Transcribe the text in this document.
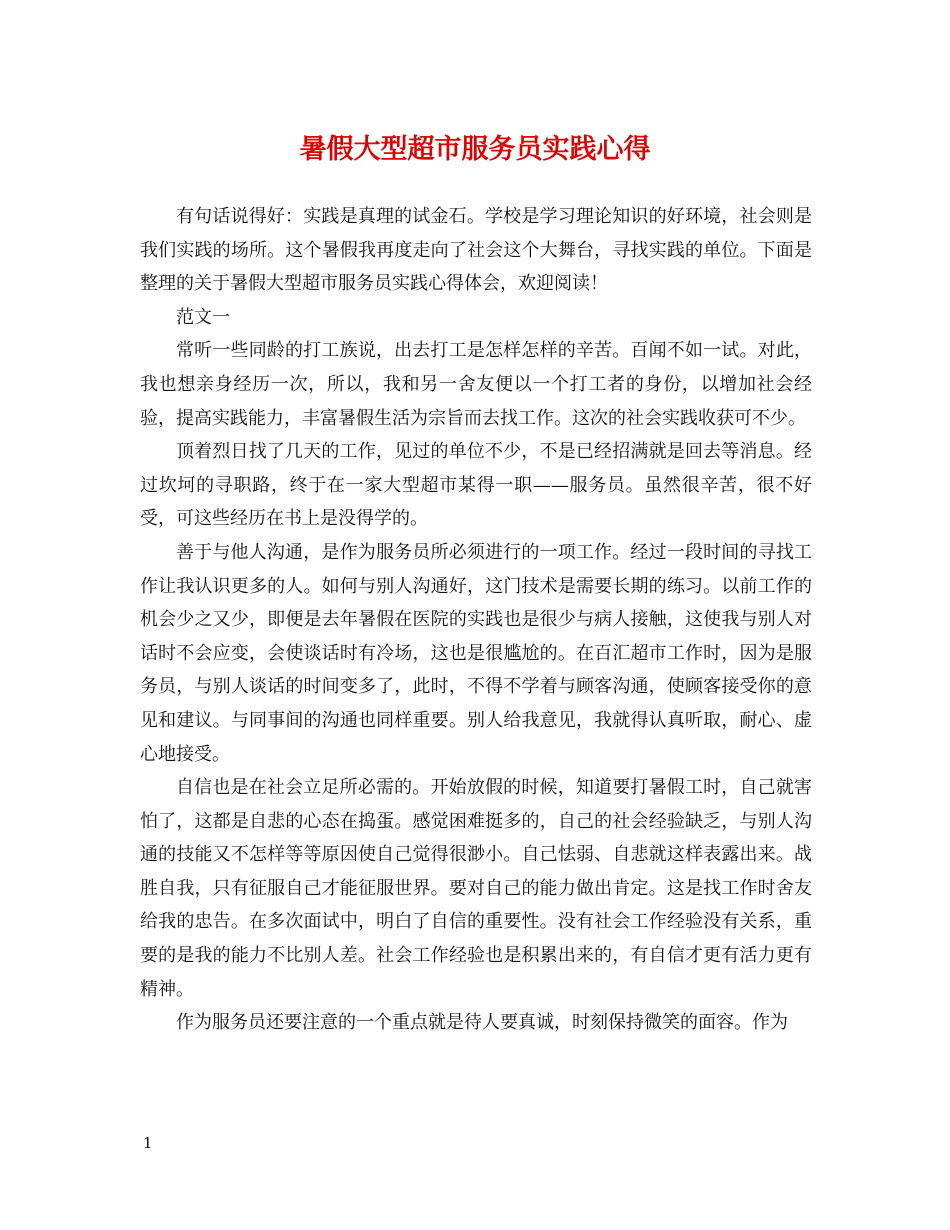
暑假大型超市服务员实践心得

有句话说得好：实践是真理的试金石。学校是学习理论知识的好环境，社会则是我们实践的场所。这个暑假我再度走向了社会这个大舞台，寻找实践的单位。下面是整理的关于暑假大型超市服务员实践心得体会，欢迎阅读！

范文一

常听一些同龄的打工族说，出去打工是怎样怎样的辛苦。百闻不如一试。对此，我也想亲身经历一次，所以，我和另一舍友便以一个打工者的身份，以增加社会经验，提高实践能力，丰富暑假生活为宗旨而去找工作。这次的社会实践收获可不少。

顶着烈日找了几天的工作，见过的单位不少，不是已经招满就是回去等消息。经过坎坷的寻职路，终于在一家大型超市某得一职——服务员。虽然很辛苦，很不好受，可这些经历在书上是没得学的。

善于与他人沟通，是作为服务员所必须进行的一项工作。经过一段时间的寻找工作让我认识更多的人。如何与别人沟通好，这门技术是需要长期的练习。以前工作的机会少之又少，即便是去年暑假在医院的实践也是很少与病人接触，这使我与别人对话时不会应变，会使谈话时有冷场，这也是很尴尬的。在百汇超市工作时，因为是服务员，与别人谈话的时间变多了，此时，不得不学着与顾客沟通，使顾客接受你的意见和建议。与同事间的沟通也同样重要。别人给我意见，我就得认真听取，耐心、虚心地接受。

自信也是在社会立足所必需的。开始放假的时候，知道要打暑假工时，自己就害怕了，这都是自悲的心态在捣蛋。感觉困难挺多的，自己的社会经验缺乏，与别人沟通的技能又不怎样等等原因使自己觉得很渺小。自己怯弱、自悲就这样表露出来。战胜自我，只有征服自己才能征服世界。要对自己的能力做出肯定。这是找工作时舍友给我的忠告。在多次面试中，明白了自信的重要性。没有社会工作经验没有关系，重要的是我的能力不比别人差。社会工作经验也是积累出来的，有自信才更有活力更有精神。

作为服务员还要注意的一个重点就是待人要真诚，时刻保持微笑的面容。作为

1
